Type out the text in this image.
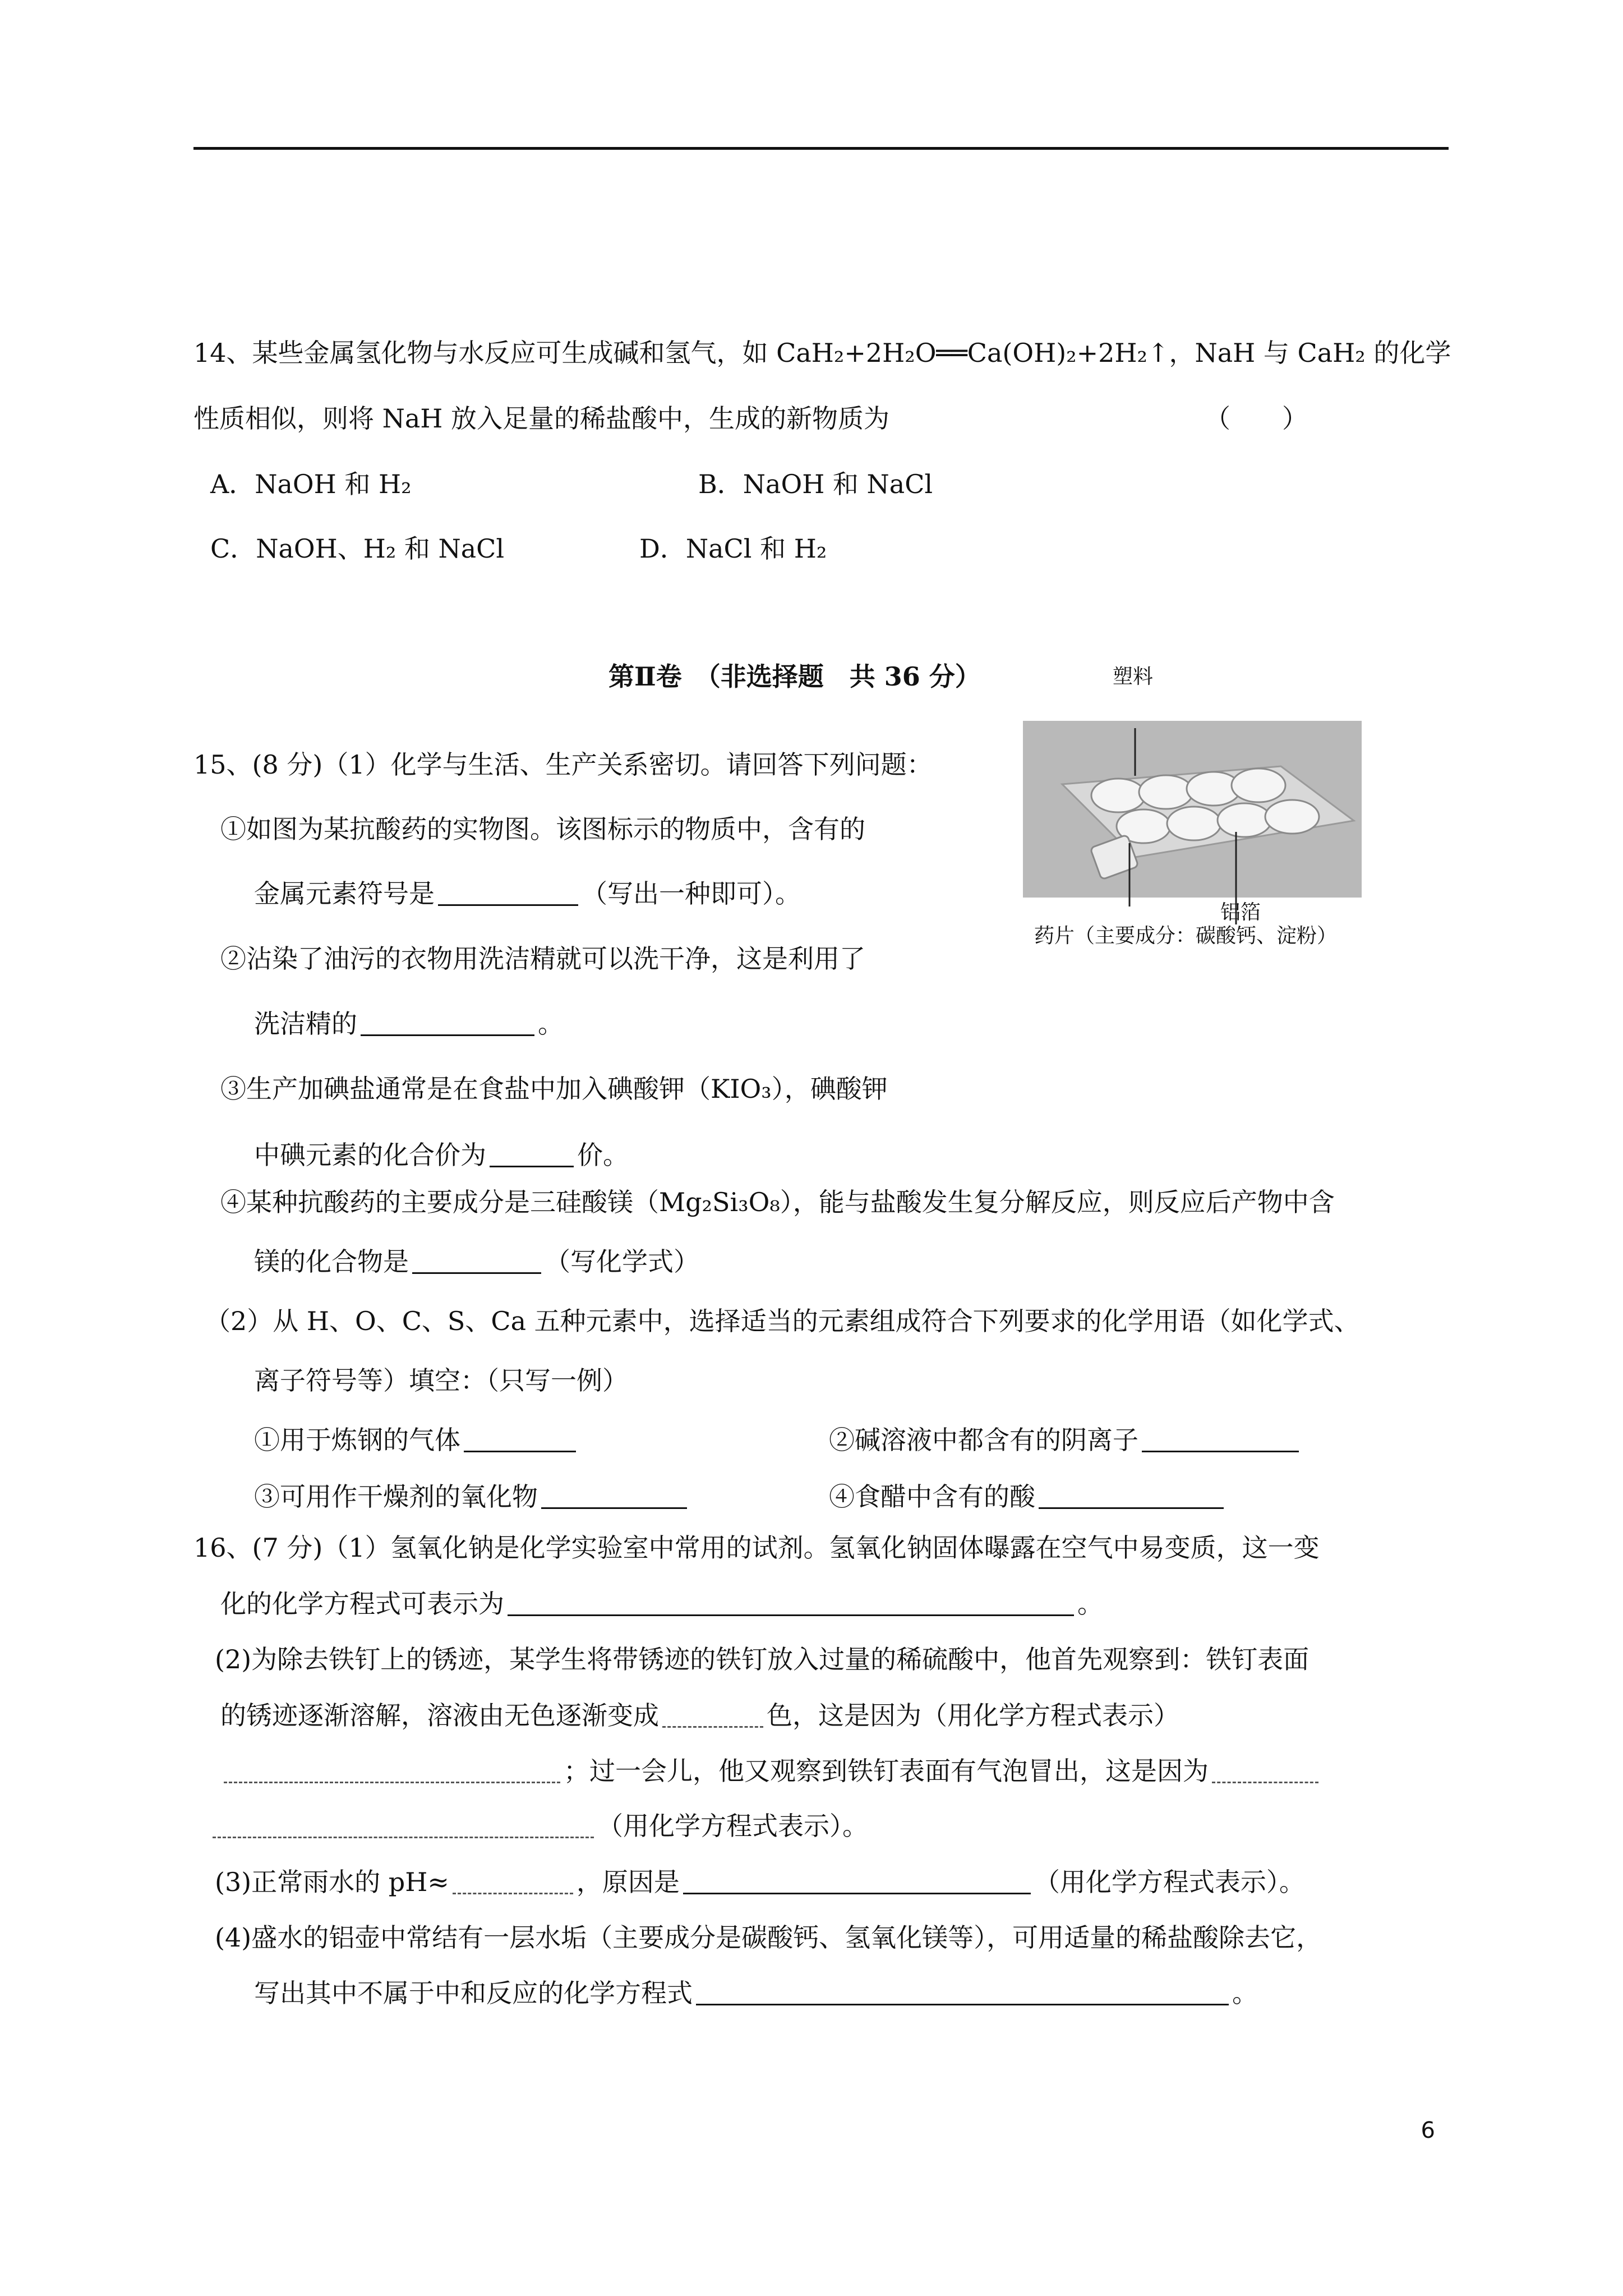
14、某些金属氢化物与水反应可生成碱和氢气，如 CaH₂+2H₂O══Ca(OH)₂+2H₂↑，NaH 与 CaH₂ 的化学
性质相似，则将 NaH 放入足量的稀盐酸中，生成的新物质为	（　　）
A．NaOH 和 H₂	B．NaOH 和 NaCl
C．NaOH、H₂ 和 NaCl	D．NaCl 和 H₂
第Ⅱ卷　（非选择题　共 36 分）
15、(8 分)（1）化学与生活、生产关系密切。请回答下列问题：
①如图为某抗酸药的实物图。该图标示的物质中，含有的
金属元素符号是	（写出一种即可）。
②沾染了油污的衣物用洗洁精就可以洗干净，这是利用了
洗洁精的	。
③生产加碘盐通常是在食盐中加入碘酸钾（KIO₃），碘酸钾
中碘元素的化合价为	价。
④某种抗酸药的主要成分是三硅酸镁（Mg₂Si₃O₈），能与盐酸发生复分解反应，则反应后产物中含
镁的化合物是	（写化学式）
（2）从 H、O、C、S、Ca 五种元素中，选择适当的元素组成符合下列要求的化学用语（如化学式、
离子符号等）填空：（只写一例）
①用于炼钢的气体	②碱溶液中都含有的阴离子
③可用作干燥剂的氧化物	④食醋中含有的酸
塑料
铝箔
药片（主要成分：碳酸钙、淀粉）
16、(7 分)（1）氢氧化钠是化学实验室中常用的试剂。氢氧化钠固体曝露在空气中易变质，这一变
化的化学方程式可表示为	。
(2)为除去铁钉上的锈迹，某学生将带锈迹的铁钉放入过量的稀硫酸中，他首先观察到：铁钉表面
的锈迹逐渐溶解，溶液由无色逐渐变成	色，这是因为（用化学方程式表示）
；过一会儿，他又观察到铁钉表面有气泡冒出，这是因为
（用化学方程式表示）。
(3)正常雨水的 pH≈	，原因是	（用化学方程式表示）。
(4)盛水的铝壶中常结有一层水垢（主要成分是碳酸钙、氢氧化镁等），可用适量的稀盐酸除去它，
写出其中不属于中和反应的化学方程式	。
6
